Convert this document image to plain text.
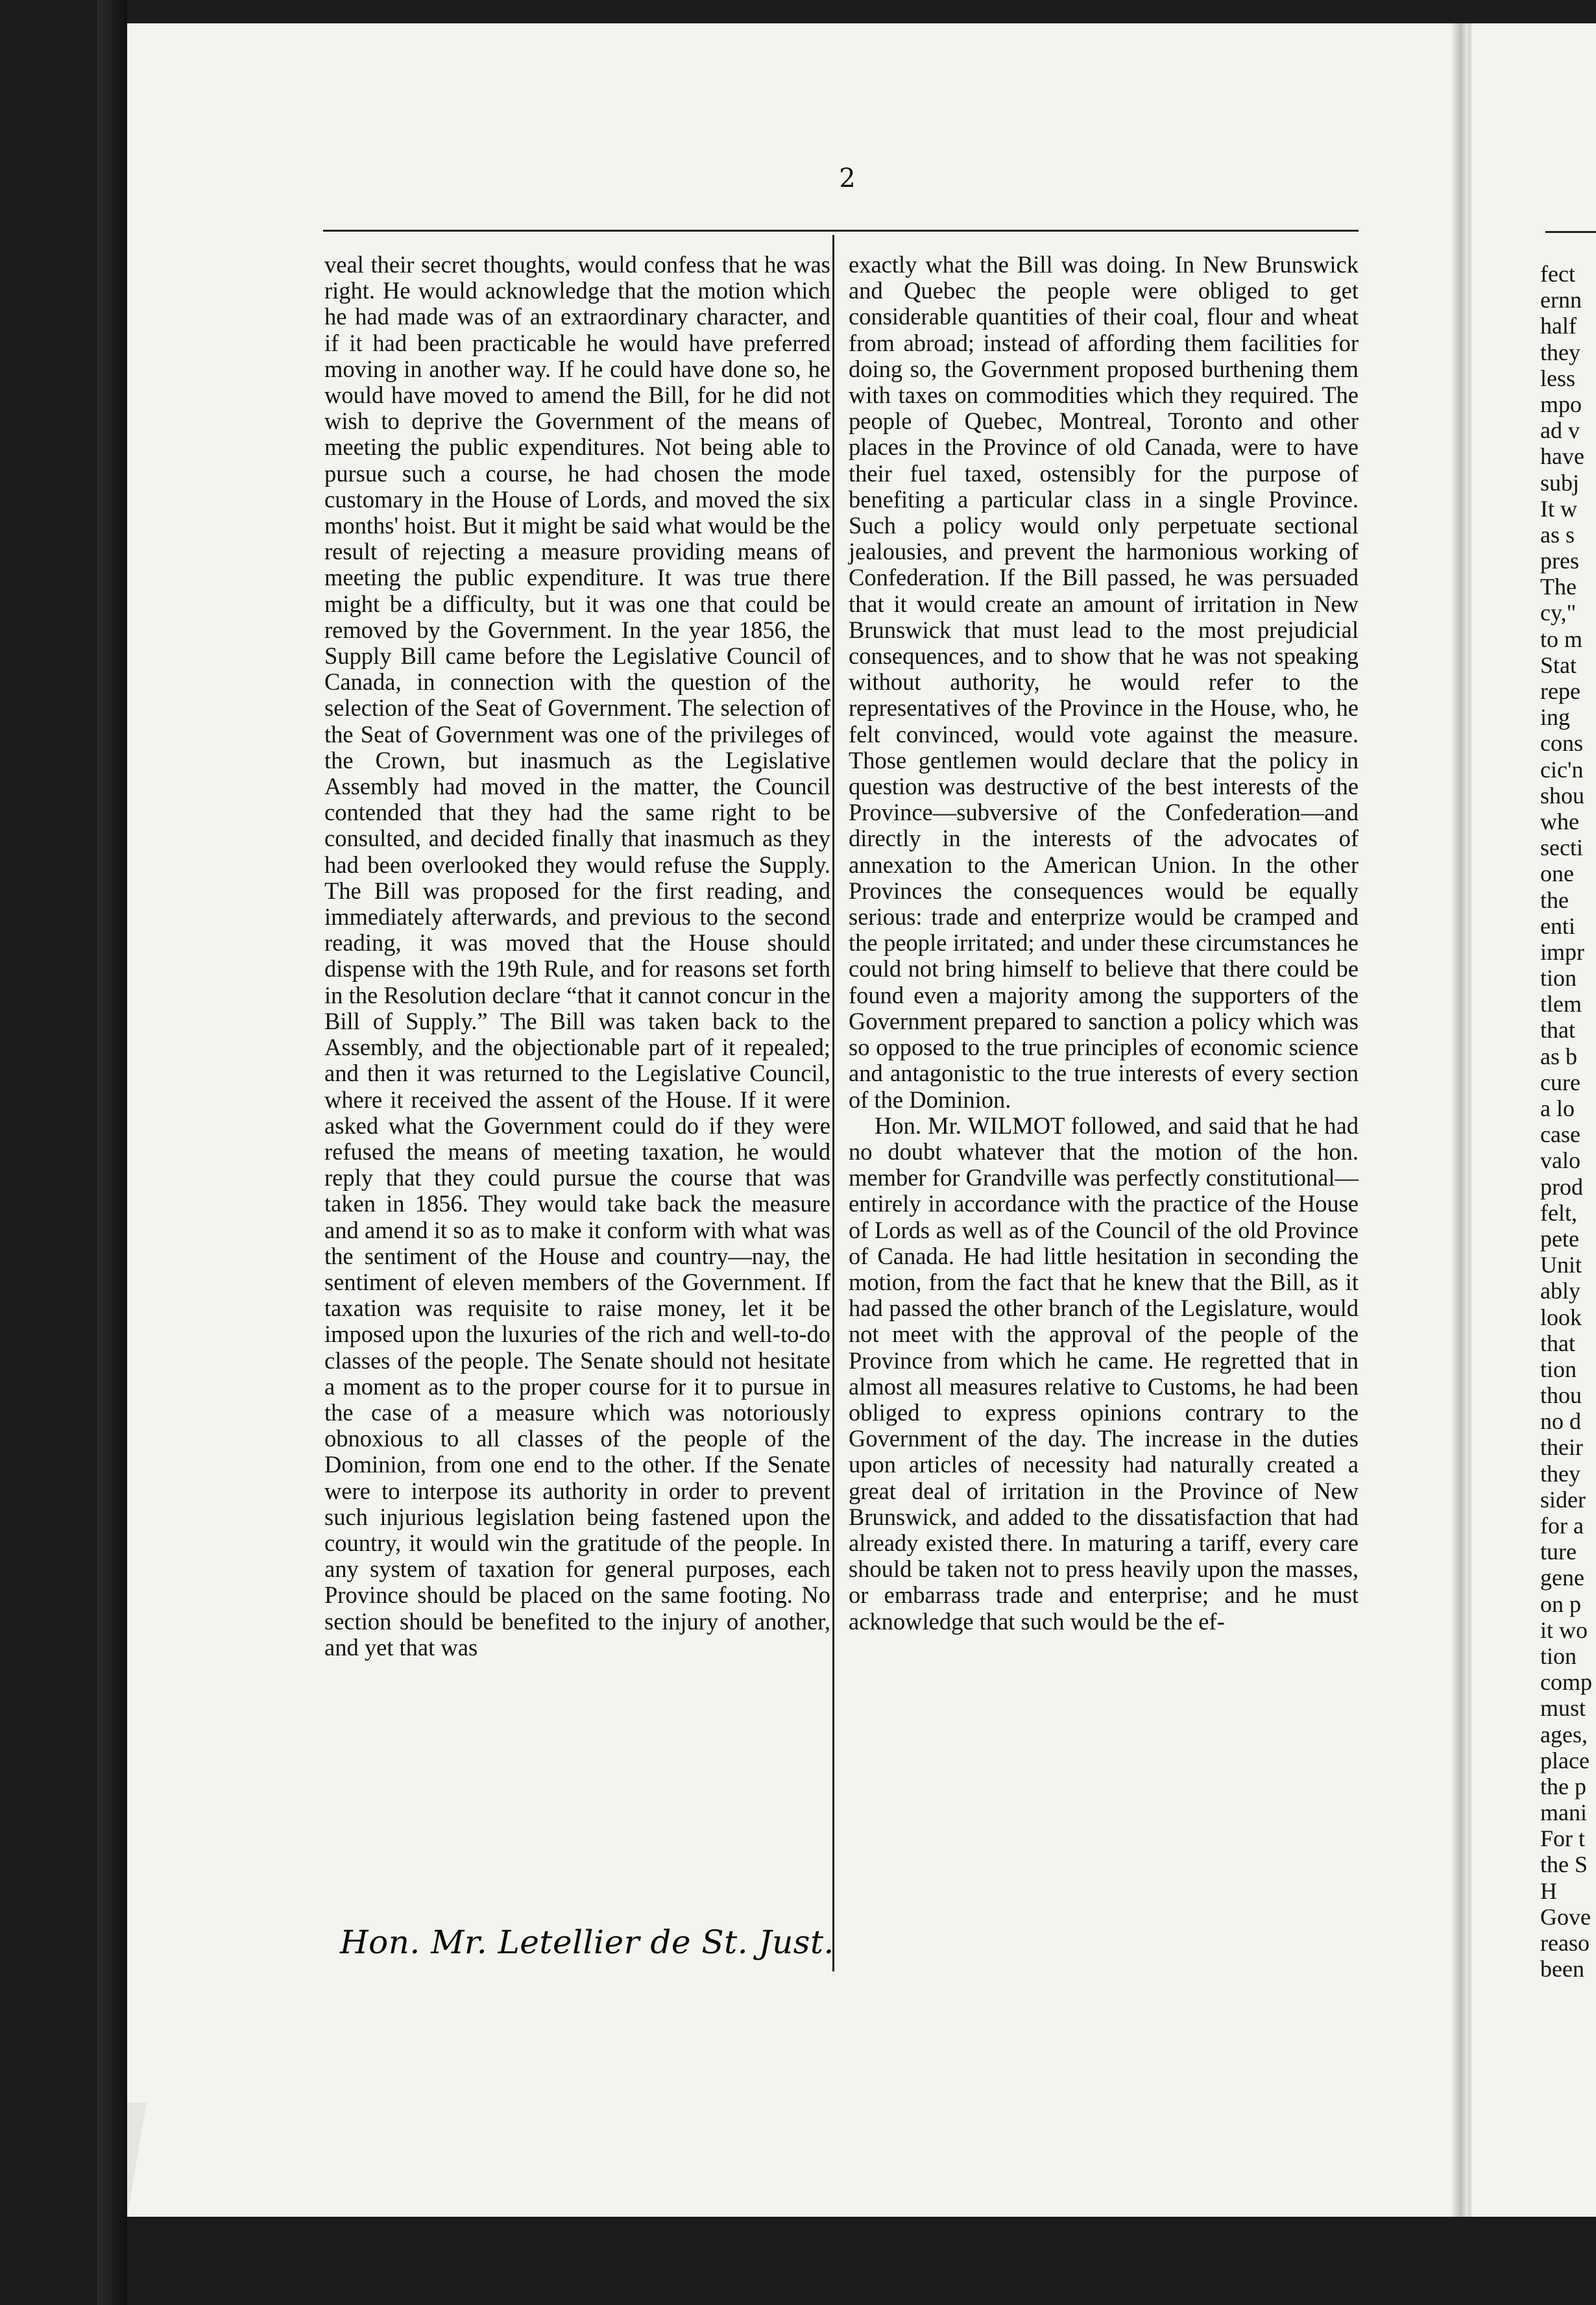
fect
ernn
half
they
less
mpo
ad v
have
subj
It w
as s
pres
The
cy,"
to m
Stat
repe
ing
cons
cic'n
shou
whe
secti
one
the
enti
impr
tion
tlem
that
as b
cure
a lo
case
valo
prod
felt,
pete
Unit
ably
look
that
tion
thou
no d
their
they
sider
for a
ture
gene
on p
it wo
tion
comp
must
ages,
place
the p
mani
For t
the S
H
Gove
reaso
been
2

veal their secret thoughts, would confess that he was right. He would acknowledge that the motion which he had made was of an extraordinary character, and if it had been practicable he would have preferred moving in another way. If he could have done so, he would have moved to amend the Bill, for he did not wish to deprive the Government of the means of meeting the public expenditures. Not being able to pursue such a course, he had chosen the mode customary in the House of Lords, and moved the six months' hoist. But it might be said what would be the result of rejecting a measure providing means of meeting the public expenditure. It was true there might be a difficulty, but it was one that could be removed by the Government. In the year 1856, the Supply Bill came before the Legislative Council of Canada, in connection with the question of the selection of the Seat of Government. The selection of the Seat of Government was one of the privileges of the Crown, but inasmuch as the Legislative Assembly had moved in the matter, the Council contended that they had the same right to be consulted, and decided finally that inasmuch as they had been overlooked they would refuse the Supply. The Bill was proposed for the first reading, and immediately afterwards, and previous to the second reading, it was moved that the House should dispense with the 19th Rule, and for reasons set forth in the Resolution declare “that it cannot concur in the Bill of Supply.” The Bill was taken back to the Assembly, and the objectionable part of it repealed; and then it was returned to the Legislative Council, where it received the assent of the House. If it were asked what the Government could do if they were refused the means of meeting taxation, he would reply that they could pursue the course that was taken in 1856. They would take back the measure and amend it so as to make it conform with what was the sentiment of the House and country—nay, the sentiment of eleven members of the Government. If taxation was requisite to raise money, let it be imposed upon the luxuries of the rich and well-to-do classes of the people. The Senate should not hesitate a moment as to the proper course for it to pursue in the case of a measure which was notoriously obnoxious to all classes of the people of the Dominion, from one end to the other. If the Senate were to interpose its authority in order to prevent such injurious legislation being fastened upon the country, it would win the gratitude of the people. In any system of taxation for general purposes, each Province should be placed on the same footing. No section should be benefited to the injury of another, and yet that was

exactly what the Bill was doing. In New Brunswick and Quebec the people were obliged to get considerable quantities of their coal, flour and wheat from abroad; instead of affording them facilities for doing so, the Government proposed burthening them with taxes on commodities which they required. The people of Quebec, Montreal, Toronto and other places in the Province of old Canada, were to have their fuel taxed, ostensibly for the purpose of benefiting a particular class in a single Province. Such a policy would only perpetuate sectional jealousies, and prevent the harmonious working of Confederation. If the Bill passed, he was persuaded that it would create an amount of irritation in New Brunswick that must lead to the most prejudicial consequences, and to show that he was not speaking without authority, he would refer to the representatives of the Province in the House, who, he felt convinced, would vote against the measure. Those gentlemen would declare that the policy in question was destructive of the best interests of the Province—subversive of the Confederation—and directly in the interests of the advocates of annexation to the American Union. In the other Provinces the consequences would be equally serious: trade and enterprize would be cramped and the people irritated; and under these circumstances he could not bring himself to believe that there could be found even a majority among the supporters of the Government prepared to sanction a policy which was so opposed to the true principles of economic science and antagonistic to the true interests of every section of the Dominion.

Hon. Mr. WILMOT followed, and said that he had no doubt whatever that the motion of the hon. member for Grandville was perfectly constitutional—entirely in accordance with the practice of the House of Lords as well as of the Council of the old Province of Canada. He had little hesitation in seconding the motion, from the fact that he knew that the Bill, as it had passed the other branch of the Legislature, would not meet with the approval of the people of the Province from which he came. He regretted that in almost all measures relative to Customs, he had been obliged to express opinions contrary to the Government of the day. The increase in the duties upon articles of necessity had naturally created a great deal of irritation in the Province of New Brunswick, and added to the dissatisfaction that had already existed there. In maturing a tariff, every care should be taken not to press heavily upon the masses, or embarrass trade and enterprise; and he must acknowledge that such would be the ef-

Hon. Mr. Letellier de St. Just.
